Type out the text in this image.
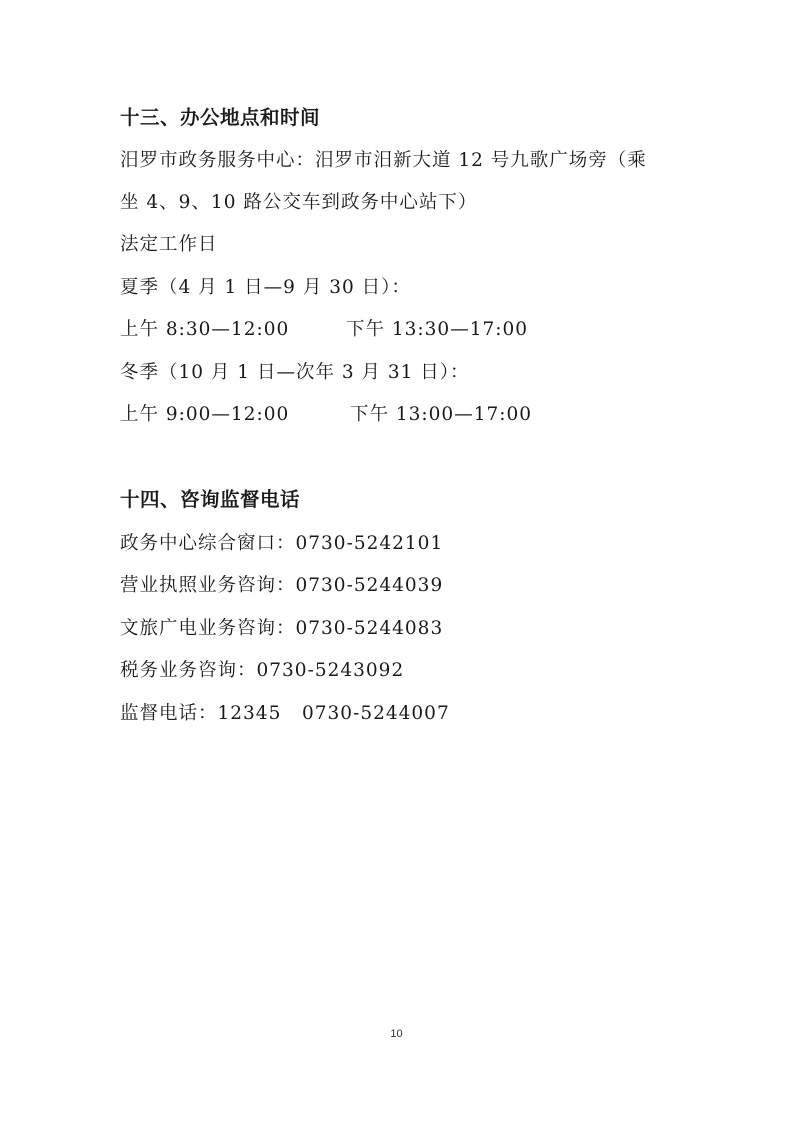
十三、办公地点和时间
汨罗市政务服务中心：汨罗市汨新大道 12 号九歌广场旁（乘
坐 4、9、10 路公交车到政务中心站下）
法定工作日
夏季（4 月 1 日—9 月 30 日）：
上午 8:30—12:00	下午 13:30—17:00
冬季（10 月 1 日—次年 3 月 31 日）：
上午 9:00—12:00	下午 13:00—17:00
十四、咨询监督电话
政务中心综合窗口：0730-5242101
营业执照业务咨询：0730-5244039
文旅广电业务咨询：0730-5244083
税务业务咨询：0730-5243092
监督电话：12345   0730-5244007
10
